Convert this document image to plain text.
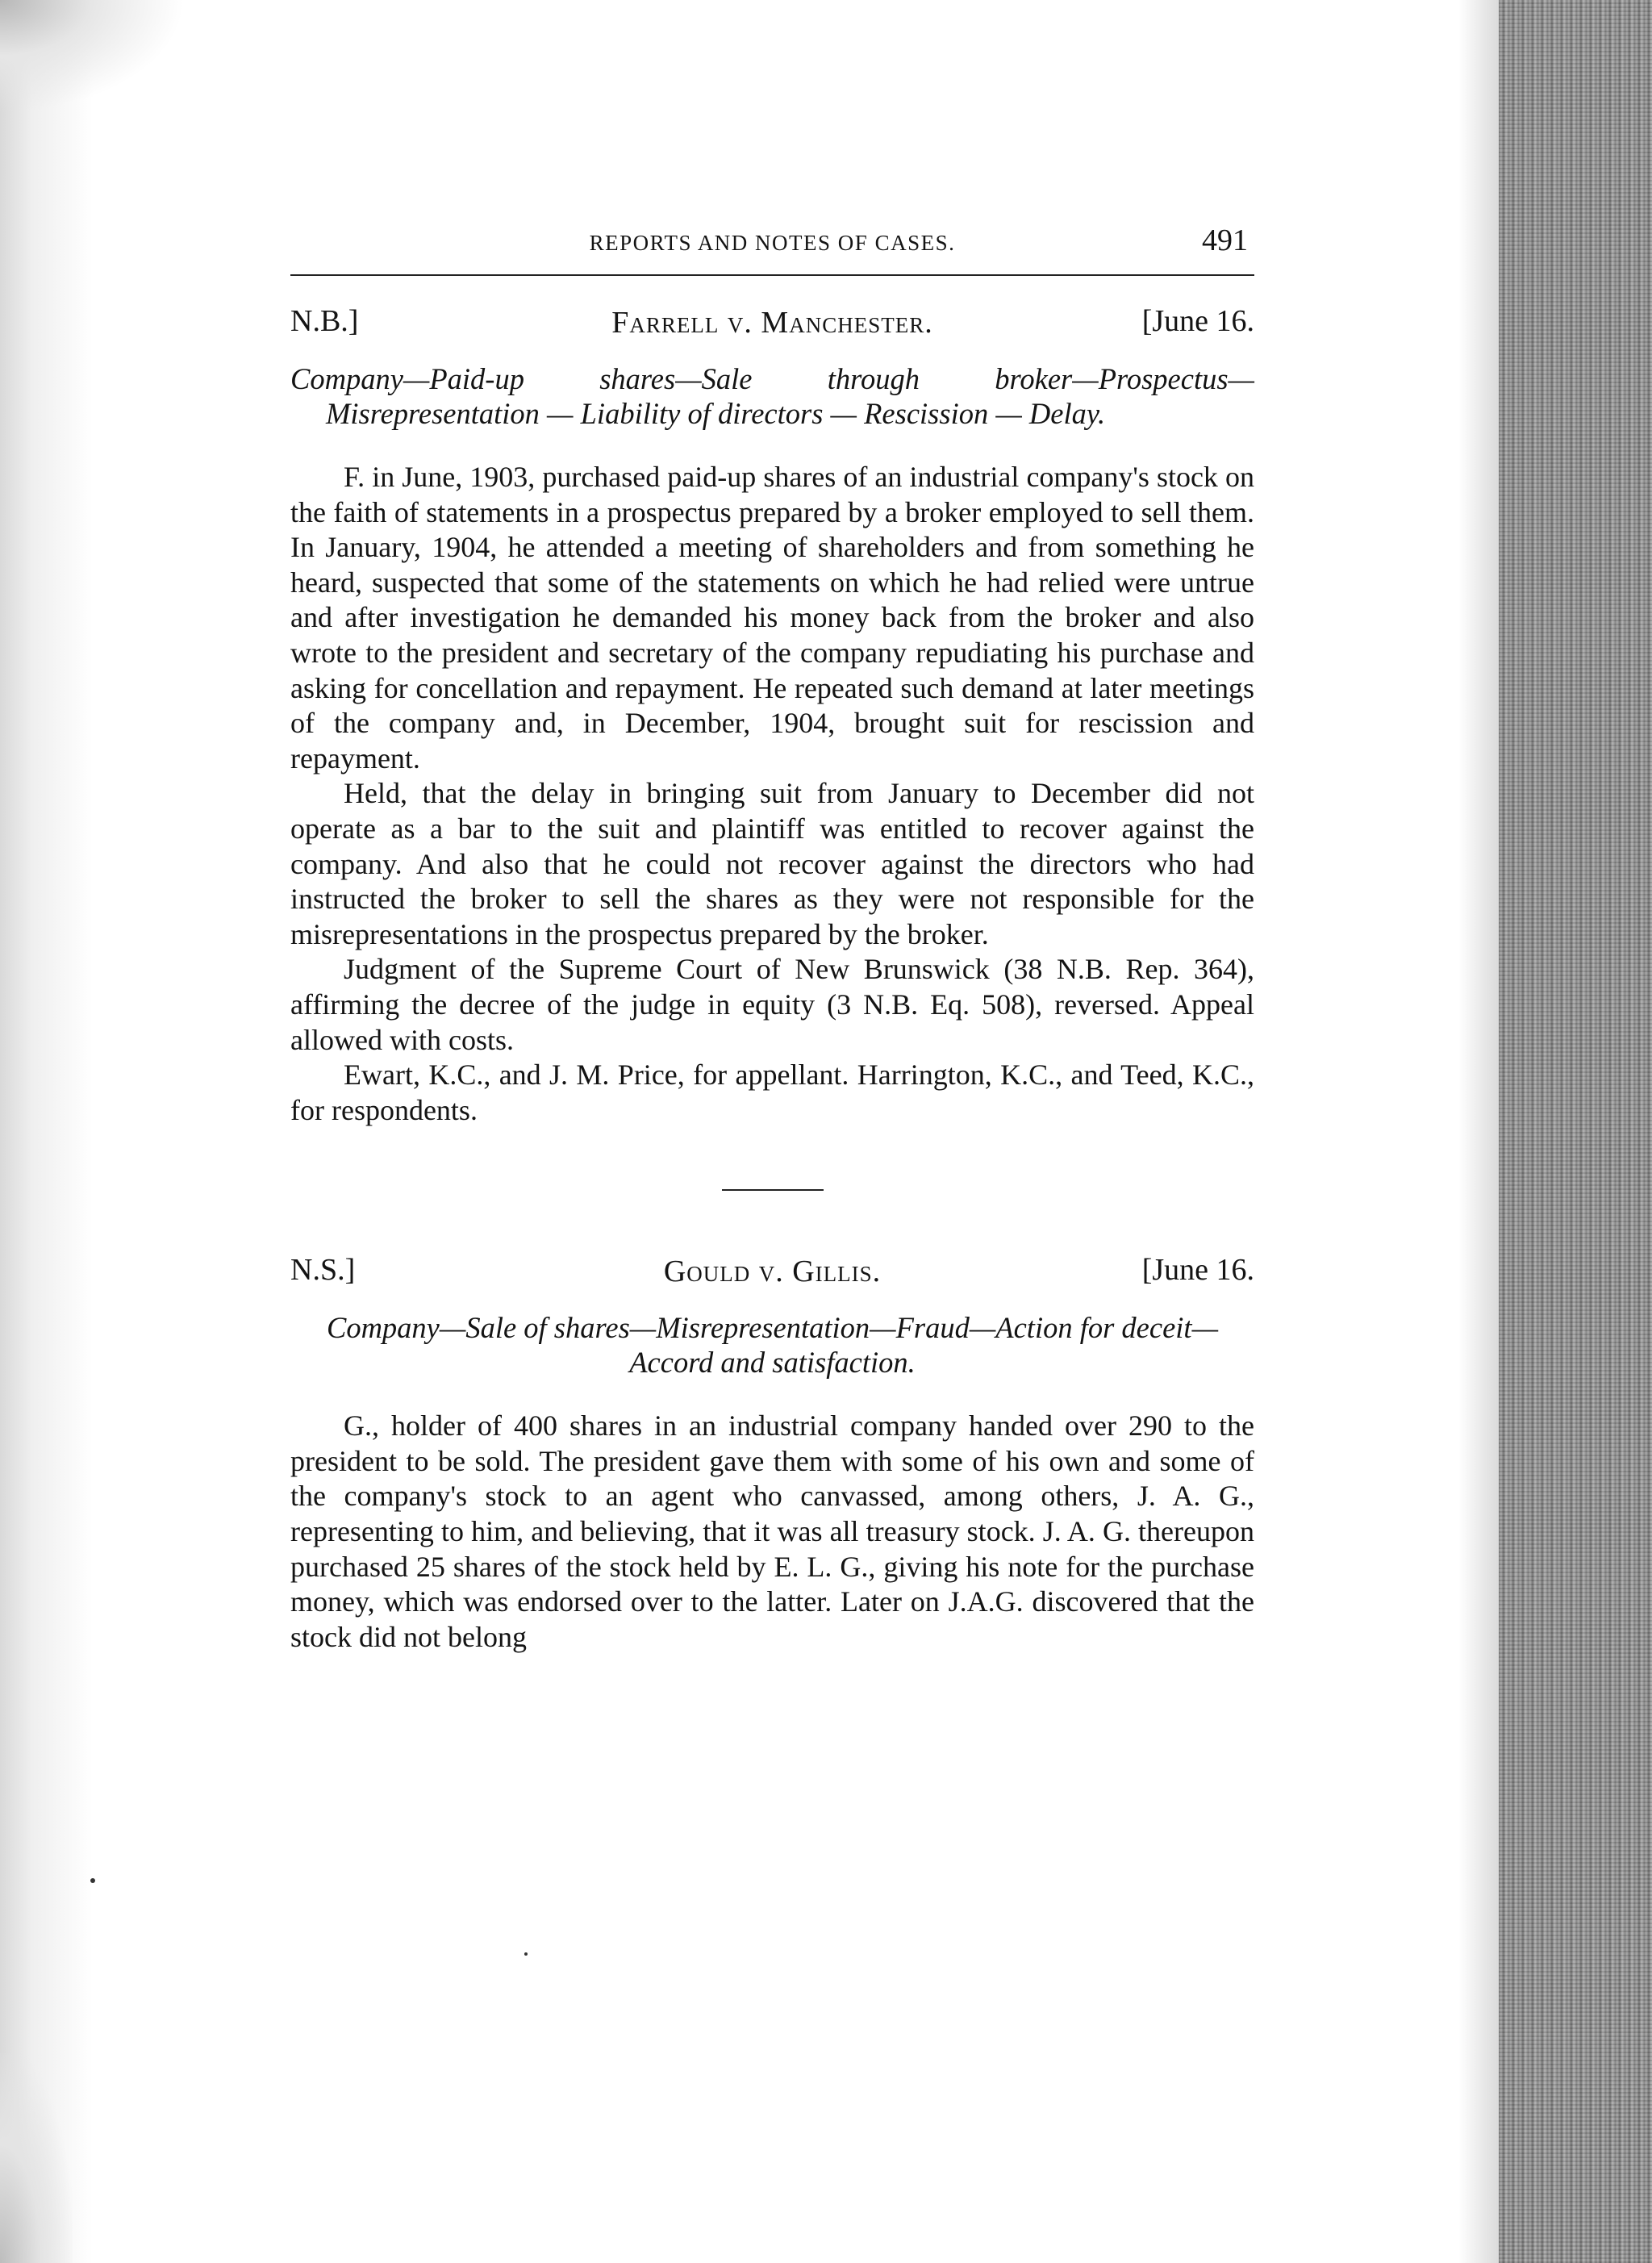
REPORTS AND NOTES OF CASES.	491
N.B.]	Farrell v. Manchester.	[June 16.
Company—Paid-up shares—Sale through broker—Prospectus—Misrepresentation — Liability of directors — Rescission — Delay.

F. in June, 1903, purchased paid-up shares of an industrial company's stock on the faith of statements in a prospectus prepared by a broker employed to sell them. In January, 1904, he attended a meeting of shareholders and from something he heard, suspected that some of the statements on which he had relied were untrue and after investigation he demanded his money back from the broker and also wrote to the president and secretary of the company repudiating his purchase and asking for concellation and repayment. He repeated such demand at later meetings of the company and, in December, 1904, brought suit for rescission and repayment.

Held, that the delay in bringing suit from January to December did not operate as a bar to the suit and plaintiff was entitled to recover against the company. And also that he could not recover against the directors who had instructed the broker to sell the shares as they were not responsible for the misrepresentations in the prospectus prepared by the broker.

Judgment of the Supreme Court of New Brunswick (38 N.B. Rep. 364), affirming the decree of the judge in equity (3 N.B. Eq. 508), reversed. Appeal allowed with costs.

Ewart, K.C., and J. M. Price, for appellant. Harrington, K.C., and Teed, K.C., for respondents.

N.S.]	Gould v. Gillis.	[June 16.
Company—Sale of shares—Misrepresentation—Fraud—Action for deceit—Accord and satisfaction.

G., holder of 400 shares in an industrial company handed over 290 to the president to be sold. The president gave them with some of his own and some of the company's stock to an agent who canvassed, among others, J. A. G., representing to him, and believing, that it was all treasury stock. J. A. G. thereupon purchased 25 shares of the stock held by E. L. G., giving his note for the purchase money, which was endorsed over to the latter. Later on J.A.G. discovered that the stock did not belong
